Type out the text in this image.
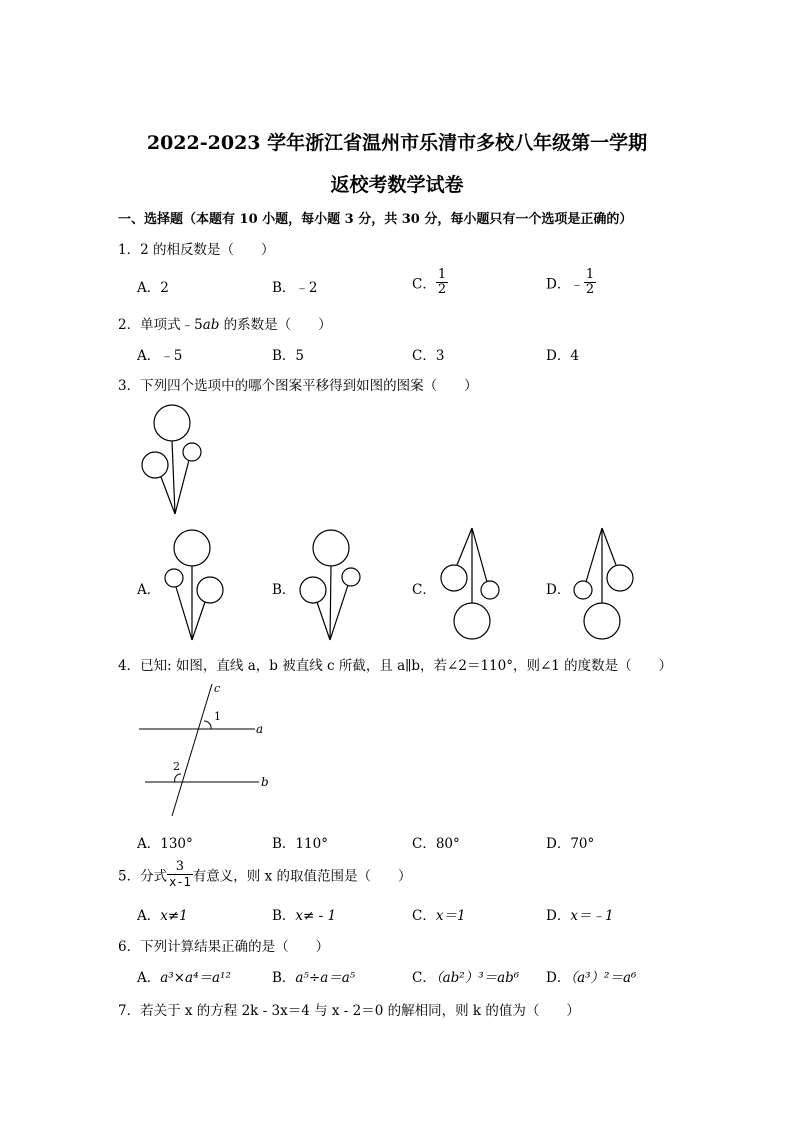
2022-2023 学年浙江省温州市乐清市多校八年级第一学期
返校考数学试卷
一、选择题（本题有 10 小题，每小题 3 分，共 30 分，每小题只有一个选项是正确的）
1．2 的相反数是（　　）
A．2	B．﹣2	C． $\frac{1}{2}$	D．﹣ $\frac{1}{2}$
2．单项式﹣5ab 的系数是（　　）
A．﹣5	B．5	C．3	D．4
3．下列四个选项中的哪个图案平移得到如图的图案（　　）
A．	B．	C．	D．
4．已知: 如图，直线 a，b 被直线 c 所截，且 a∥b，若∠2＝110°，则∠1 的度数是（　　）
c
a
b
1
2
A．130°	B．110°	C．80°	D．70°
5．分式 $\frac{3}{x-1}$ 有意义，则 x 的取值范围是（　　）
A．x≠1	B．x≠ - 1	C．x＝1	D．x＝﹣1
6．下列计算结果正确的是（　　）
A．a³×a⁴＝a¹²	B．a⁵÷a＝a⁵	C．（ab²）³＝ab⁶ D．（a³）²＝a⁶
7．若关于 x 的方程 2k - 3x＝4 与 x - 2＝0 的解相同，则 k 的值为（　　）
